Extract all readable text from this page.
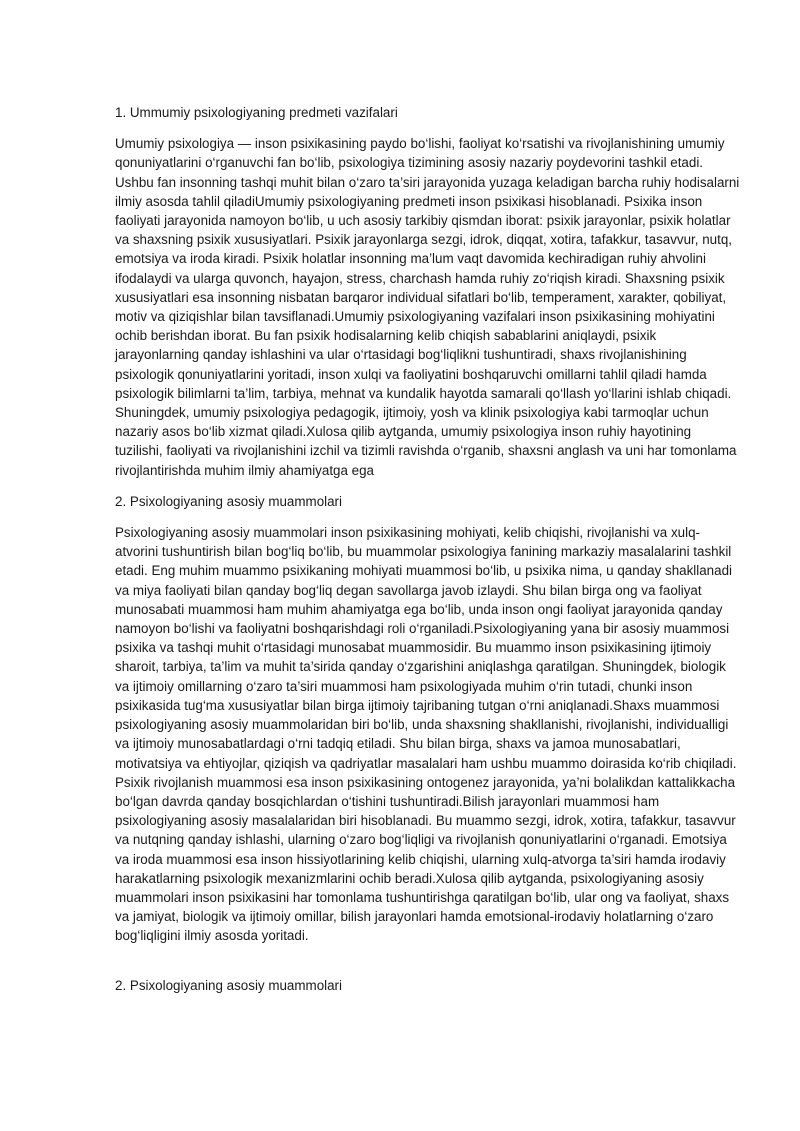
1. Ummumiy psixologiyaning predmeti vazifalari

Umumiy psixologiya — inson psixikasining paydo bo‘lishi, faoliyat ko‘rsatishi va rivojlanishining umumiy qonuniyatlarini o‘rganuvchi fan bo‘lib, psixologiya tizimining asosiy nazariy poydevorini tashkil etadi. Ushbu fan insonning tashqi muhit bilan o‘zaro ta’siri jarayonida yuzaga keladigan barcha ruhiy hodisalarni ilmiy asosda tahlil qiladiUmumiy psixologiyaning predmeti inson psixikasi hisoblanadi. Psixika inson faoliyati jarayonida namoyon bo‘lib, u uch asosiy tarkibiy qismdan iborat: psixik jarayonlar, psixik holatlar va shaxsning psixik xususiyatlari. Psixik jarayonlarga sezgi, idrok, diqqat, xotira, tafakkur, tasavvur, nutq, emotsiya va iroda kiradi. Psixik holatlar insonning ma’lum vaqt davomida kechiradigan ruhiy ahvolini ifodalaydi va ularga quvonch, hayajon, stress, charchash hamda ruhiy zo‘riqish kiradi. Shaxsning psixik xususiyatlari esa insonning nisbatan barqaror individual sifatlari bo‘lib, temperament, xarakter, qobiliyat, motiv va qiziqishlar bilan tavsiflanadi.Umumiy psixologiyaning vazifalari inson psixikasining mohiyatini ochib berishdan iborat. Bu fan psixik hodisalarning kelib chiqish sabablarini aniqlaydi, psixik jarayonlarning qanday ishlashini va ular o‘rtasidagi bog‘liqlikni tushuntiradi, shaxs rivojlanishining psixologik qonuniyatlarini yoritadi, inson xulqi va faoliyatini boshqaruvchi omillarni tahlil qiladi hamda psixologik bilimlarni ta’lim, tarbiya, mehnat va kundalik hayotda samarali qo‘llash yo‘llarini ishlab chiqadi. Shuningdek, umumiy psixologiya pedagogik, ijtimoiy, yosh va klinik psixologiya kabi tarmoqlar uchun nazariy asos bo‘lib xizmat qiladi.Xulosa qilib aytganda, umumiy psixologiya inson ruhiy hayotining tuzilishi, faoliyati va rivojlanishini izchil va tizimli ravishda o‘rganib, shaxsni anglash va uni har tomonlama rivojlantirishda muhim ilmiy ahamiyatga ega

2. Psixologiyaning asosiy muammolari

Psixologiyaning asosiy muammolari inson psixikasining mohiyati, kelib chiqishi, rivojlanishi va xulq-atvorini tushuntirish bilan bog‘liq bo‘lib, bu muammolar psixologiya fanining markaziy masalalarini tashkil etadi. Eng muhim muammo psixikaning mohiyati muammosi bo‘lib, u psixika nima, u qanday shakllanadi va miya faoliyati bilan qanday bog‘liq degan savollarga javob izlaydi. Shu bilan birga ong va faoliyat munosabati muammosi ham muhim ahamiyatga ega bo‘lib, unda inson ongi faoliyat jarayonida qanday namoyon bo‘lishi va faoliyatni boshqarishdagi roli o‘rganiladi.Psixologiyaning yana bir asosiy muammosi psixika va tashqi muhit o‘rtasidagi munosabat muammosidir. Bu muammo inson psixikasining ijtimoiy sharoit, tarbiya, ta’lim va muhit ta’sirida qanday o‘zgarishini aniqlashga qaratilgan. Shuningdek, biologik va ijtimoiy omillarning o‘zaro ta’siri muammosi ham psixologiyada muhim o‘rin tutadi, chunki inson psixikasida tug‘ma xususiyatlar bilan birga ijtimoiy tajribaning tutgan o‘rni aniqlanadi.Shaxs muammosi psixologiyaning asosiy muammolaridan biri bo‘lib, unda shaxsning shakllanishi, rivojlanishi, individualligi va ijtimoiy munosabatlardagi o‘rni tadqiq etiladi. Shu bilan birga, shaxs va jamoa munosabatlari, motivatsiya va ehtiyojlar, qiziqish va qadriyatlar masalalari ham ushbu muammo doirasida ko‘rib chiqiladi. Psixik rivojlanish muammosi esa inson psixikasining ontogenez jarayonida, ya’ni bolalikdan kattalikkacha bo‘lgan davrda qanday bosqichlardan o‘tishini tushuntiradi.Bilish jarayonlari muammosi ham psixologiyaning asosiy masalalaridan biri hisoblanadi. Bu muammo sezgi, idrok, xotira, tafakkur, tasavvur va nutqning qanday ishlashi, ularning o‘zaro bog‘liqligi va rivojlanish qonuniyatlarini o‘rganadi. Emotsiya va iroda muammosi esa inson hissiyotlarining kelib chiqishi, ularning xulq-atvorga ta’siri hamda irodaviy harakatlarning psixologik mexanizmlarini ochib beradi.Xulosa qilib aytganda, psixologiyaning asosiy muammolari inson psixikasini har tomonlama tushuntirishga qaratilgan bo‘lib, ular ong va faoliyat, shaxs va jamiyat, biologik va ijtimoiy omillar, bilish jarayonlari hamda emotsional-irodaviy holatlarning o‘zaro bog‘liqligini ilmiy asosda yoritadi.

2. Psixologiyaning asosiy muammolari
